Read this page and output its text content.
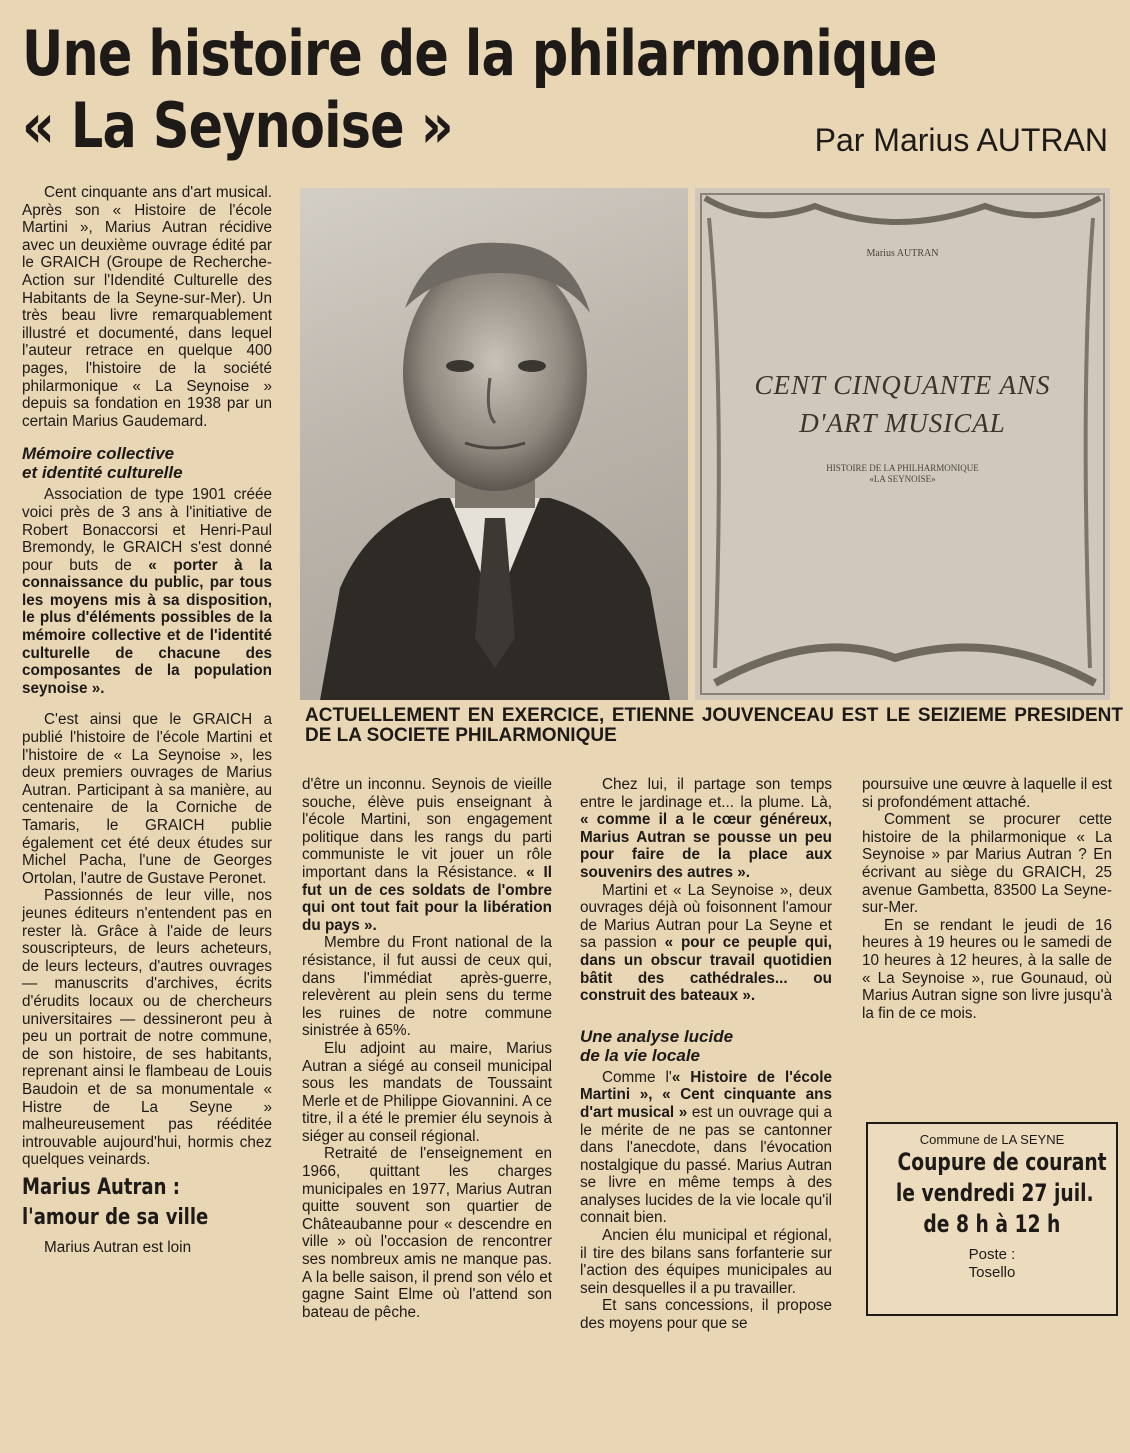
Une histoire de la philarmonique
« La Seynoise »	Par Marius AUTRAN

Cent cinquante ans d'art musical. Après son « Histoire de l'école Martini », Marius Autran récidive avec un deuxième ouvrage édité par le GRAICH (Groupe de Recherche-Action sur l'Idendité Culturelle des Habitants de la Seyne-sur-Mer). Un très beau livre remarquablement illustré et documenté, dans lequel l'auteur retrace en quelque 400 pages, l'histoire de la société philarmonique « La Seynoise » depuis sa fondation en 1938 par un certain Marius Gaudemard.

Mémoire collective
et identité culturelle

Association de type 1901 créée voici près de 3 ans à l'initiative de Robert Bonaccorsi et Henri-Paul Bremondy, le GRAICH s'est donné pour buts de « porter à la connaissance du public, par tous les moyens mis à sa disposition, le plus d'éléments possibles de la mémoire collective et de l'identité culturelle de chacune des composantes de la population seynoise ».

C'est ainsi que le GRAICH a publié l'histoire de l'école Martini et l'histoire de « La Seynoise », les deux premiers ouvrages de Marius Autran. Participant à sa manière, au centenaire de la Corniche de Tamaris, le GRAICH publie également cet été deux études sur Michel Pacha, l'une de Georges Ortolan, l'autre de Gustave Peronet.

Passionnés de leur ville, nos jeunes éditeurs n'entendent pas en rester là. Grâce à l'aide de leurs souscripteurs, de leurs acheteurs, de leurs lecteurs, d'autres ouvrages — manuscrits d'archives, écrits d'érudits locaux ou de chercheurs universitaires — dessineront peu à peu un portrait de notre commune, de son histoire, de ses habitants, reprenant ainsi le flambeau de Louis Baudoin et de sa monumentale « Histre de La Seyne » malheureusement pas rééditée introuvable aujourd'hui, hormis chez quelques veinards.

Marius Autran :
l'amour de sa ville

Marius Autran est loin

Marius AUTRAN
CENT CINQUANTE ANS
D'ART MUSICAL
HISTOIRE DE LA PHILHARMONIQUE
«LA SEYNOISE»
ACTUELLEMENT EN EXERCICE, ETIENNE JOUVENCEAU EST LE SEIZIEME PRESIDENT DE LA SOCIETE PHILARMONIQUE

d'être un inconnu. Seynois de vieille souche, élève puis enseignant à l'école Martini, son engagement politique dans les rangs du parti communiste le vit jouer un rôle important dans la Résistance. « Il fut un de ces soldats de l'ombre qui ont tout fait pour la libération du pays ».

Membre du Front national de la résistance, il fut aussi de ceux qui, dans l'immédiat après-guerre, relevèrent au plein sens du terme les ruines de notre commune sinistrée à 65%.

Elu adjoint au maire, Marius Autran a siégé au conseil municipal sous les mandats de Toussaint Merle et de Philippe Giovannini. A ce titre, il a été le premier élu seynois à siéger au conseil régional.

Retraité de l'enseignement en 1966, quittant les charges municipales en 1977, Marius Autran quitte souvent son quartier de Châteaubanne pour « descendre en ville » où l'occasion de rencontrer ses nombreux amis ne manque pas. A la belle saison, il prend son vélo et gagne Saint Elme où l'attend son bateau de pêche.

Chez lui, il partage son temps entre le jardinage et... la plume. Là, « comme il a le cœur généreux, Marius Autran se pousse un peu pour faire de la place aux souvenirs des autres ».

Martini et « La Seynoise », deux ouvrages déjà où foisonnent l'amour de Marius Autran pour La Seyne et sa passion « pour ce peuple qui, dans un obscur travail quotidien bâtit des cathédrales... ou construit des bateaux ».

Une analyse lucide
de la vie locale

Comme l'« Histoire de l'école Martini », « Cent cinquante ans d'art musical » est un ouvrage qui a le mérite de ne pas se cantonner dans l'anecdote, dans l'évocation nostalgique du passé. Marius Autran se livre en même temps à des analyses lucides de la vie locale qu'il connait bien.

Ancien élu municipal et régional, il tire des bilans sans forfanterie sur l'action des équipes municipales au sein desquelles il a pu travailler.

Et sans concessions, il propose des moyens pour que se

poursuive une œuvre à laquelle il est si profondément attaché.

Comment se procurer cette histoire de la philarmonique « La Seynoise » par Marius Autran ? En écrivant au siège du GRAICH, 25 avenue Gambetta, 83500 La Seyne-sur-Mer.

En se rendant le jeudi de 16 heures à 19 heures ou le samedi de 10 heures à 12 heures, à la salle de « La Seynoise », rue Gounaud, où Marius Autran signe son livre jusqu'à la fin de ce mois.

Commune de LA SEYNE
Coupure de courant
le vendredi 27 juil.
de 8 h à 12 h
Poste :
Tosello
